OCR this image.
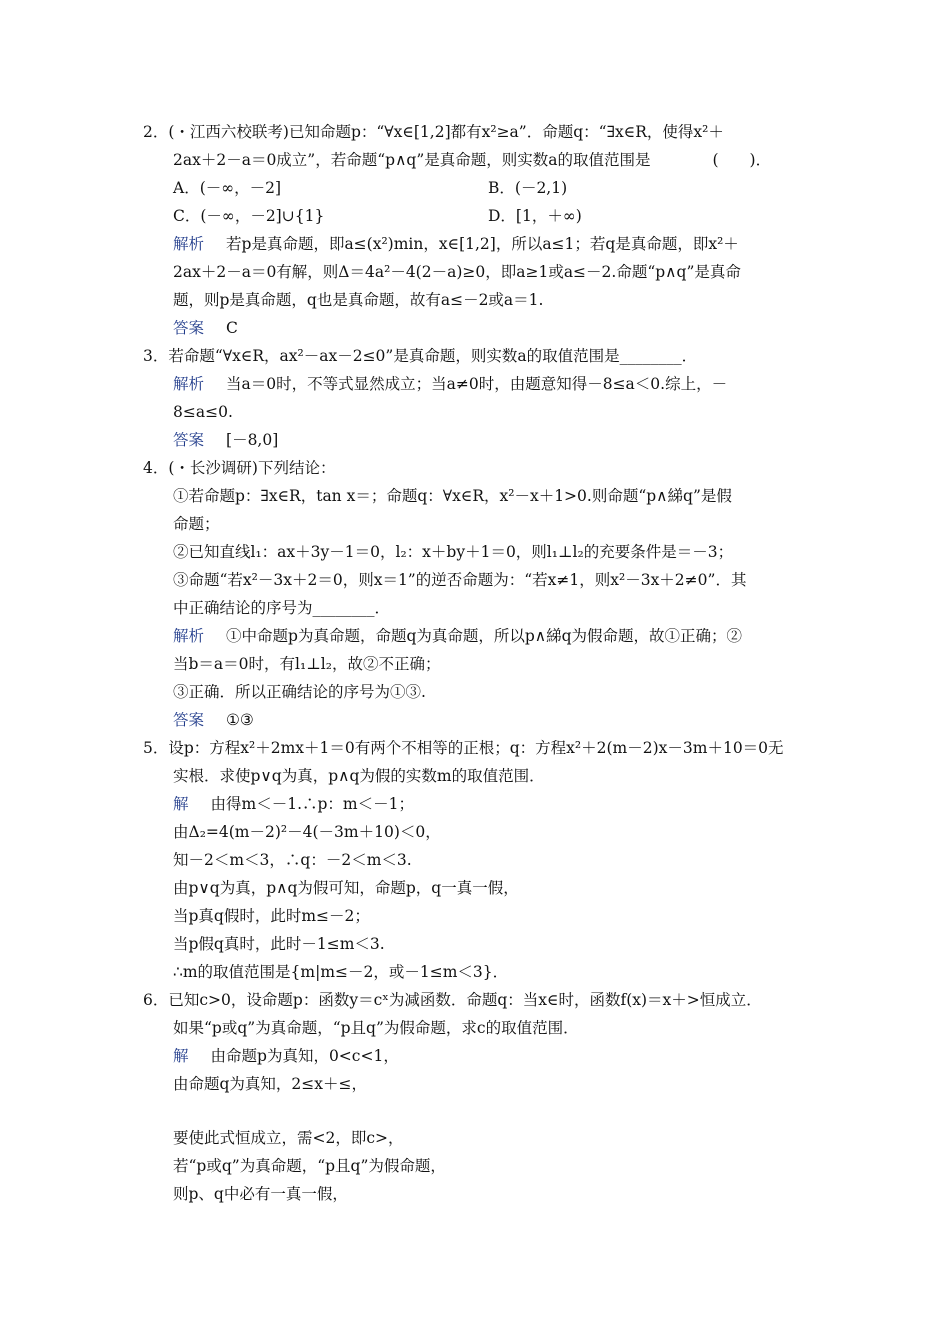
2．(・江西六校联考)已知命题p：“∀x∈[1,2]都有x²≥a”．命题q：“∃x∈R，使得x²＋
2ax＋2－a＝0成立”，若命题“p∧q”是真命题，则实数a的取值范围是　　　　(　　)．
A．(－∞，－2]	B．(－2,1)
C．(－∞，－2]∪{1}	D．[1，＋∞)
解析 若p是真命题，即a≤(x²)min，x∈[1,2]，所以a≤1；若q是真命题，即x²＋
2ax＋2－a＝0有解，则Δ＝4a²－4(2－a)≥0，即a≥1或a≤－2.命题“p∧q”是真命
题，则p是真命题，q也是真命题，故有a≤－2或a＝1.
答案 C
3．若命题“∀x∈R，ax²－ax－2≤0”是真命题，则实数a的取值范围是________．
解析 当a＝0时，不等式显然成立；当a≠0时，由题意知得－8≤a＜0.综上，－
8≤a≤0.
答案 [－8,0]
4．(・长沙调研)下列结论：
①若命题p：∃x∈R，tan x＝；命题q：∀x∈R，x²－x＋1>0.则命题“p∧綈q”是假
命题；
②已知直线l₁：ax＋3y－1＝0，l₂：x＋by＋1＝0，则l₁⊥l₂的充要条件是＝－3；
③命题“若x²－3x＋2＝0，则x＝1”的逆否命题为：“若x≠1，则x²－3x＋2≠0”．其
中正确结论的序号为________．
解析 ①中命题p为真命题，命题q为真命题，所以p∧綈q为假命题，故①正确；②
当b＝a＝0时，有l₁⊥l₂，故②不正确；
③正确．所以正确结论的序号为①③.
答案 ①③
5．设p：方程x²＋2mx＋1＝0有两个不相等的正根；q：方程x²＋2(m－2)x－3m＋10＝0无
实根．求使p∨q为真，p∧q为假的实数m的取值范围．
解 由得m＜－1.∴p：m＜－1；
由Δ₂=4(m－2)²－4(－3m＋10)＜0，
知－2＜m＜3，∴q：－2＜m＜3.
由p∨q为真，p∧q为假可知，命题p，q一真一假，
当p真q假时，此时m≤－2；
当p假q真时，此时－1≤m＜3.
∴m的取值范围是{m|m≤－2，或－1≤m＜3}．
6．已知c>0，设命题p：函数y＝cˣ为减函数．命题q：当x∈时，函数f(x)＝x＋>恒成立．
如果“p或q”为真命题，“p且q”为假命题，求c的取值范围．
解 由命题p为真知，0<c<1，
由命题q为真知，2≤x＋≤，
要使此式恒成立，需<2，即c>，
若“p或q”为真命题，“p且q”为假命题，
则p、q中必有一真一假，
